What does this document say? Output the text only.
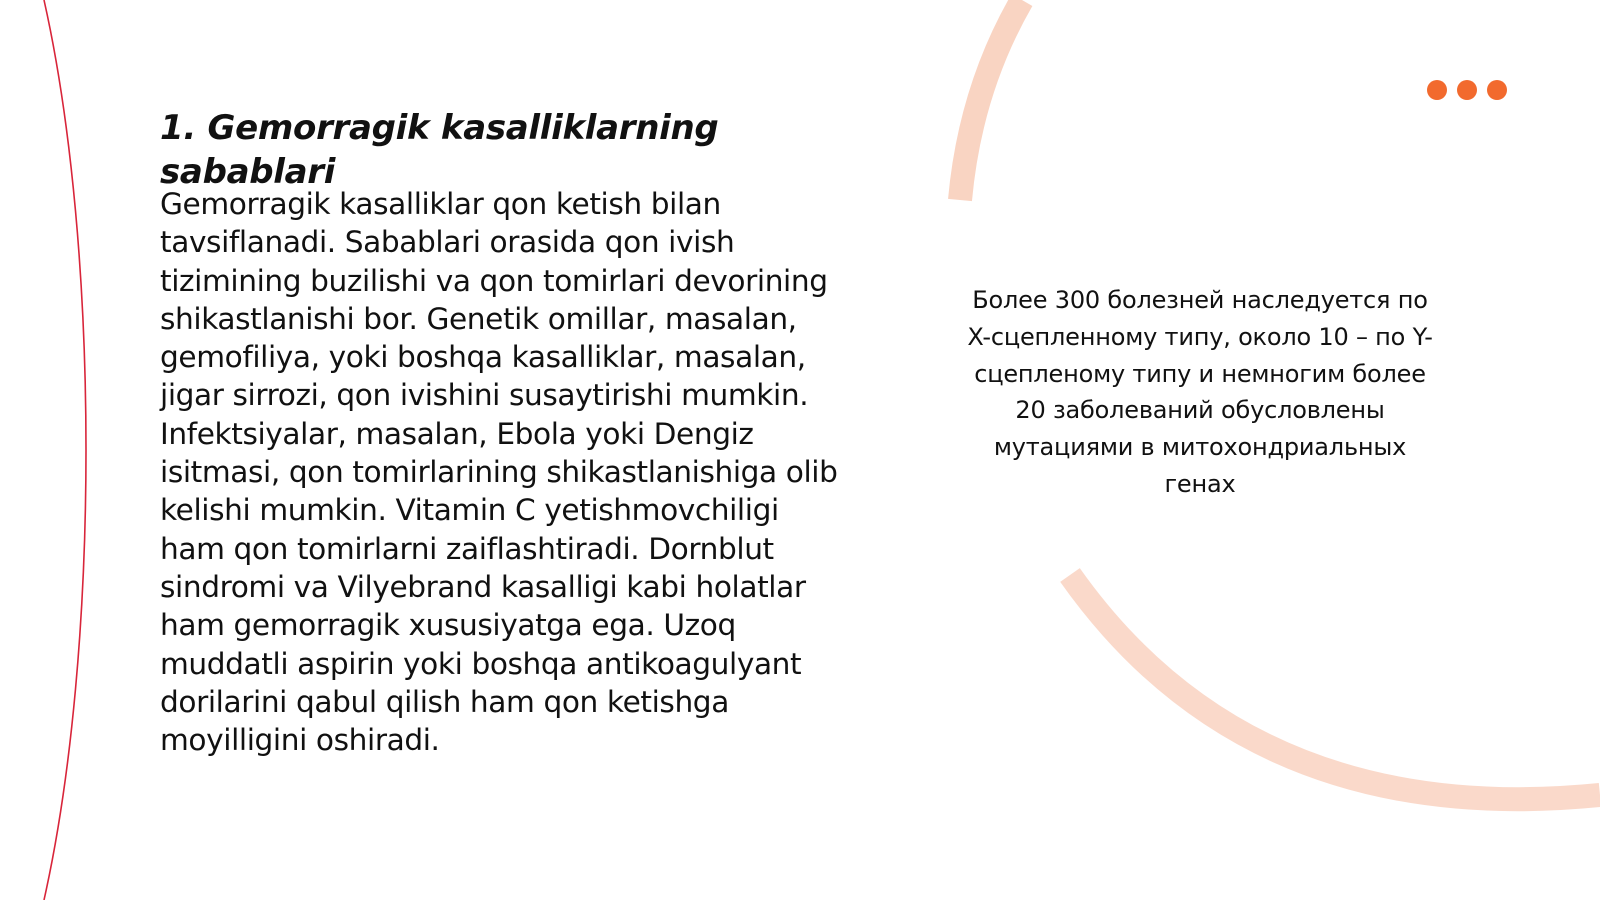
1. Gemorragik kasalliklarning sabablari

Gemorragik kasalliklar qon ketish bilan tavsiflanadi. Sabablari orasida qon ivish tizimining buzilishi va qon tomirlari devorining shikastlanishi bor. Genetik omillar, masalan, gemofiliya, yoki boshqa kasalliklar, masalan, jigar sirrozi, qon ivishini susaytirishi mumkin. Infektsiyalar, masalan, Ebola yoki Dengiz isitmasi, qon tomirlarining shikastlanishiga olib kelishi mumkin. Vitamin C yetishmovchiligi ham qon tomirlarni zaiflashtiradi. Dornblut sindromi va Vilyebrand kasalligi kabi holatlar ham gemorragik xususiyatga ega. Uzoq muddatli aspirin yoki boshqa antikoagulyant dorilarini qabul qilish ham qon ketishga moyilligini oshiradi.

Более 300 болезней наследуется по X-сцепленному типу, около 10 – по Y-сцепленому типу и немногим более 20 заболеваний обусловлены мутациями в митохондриальных генах
